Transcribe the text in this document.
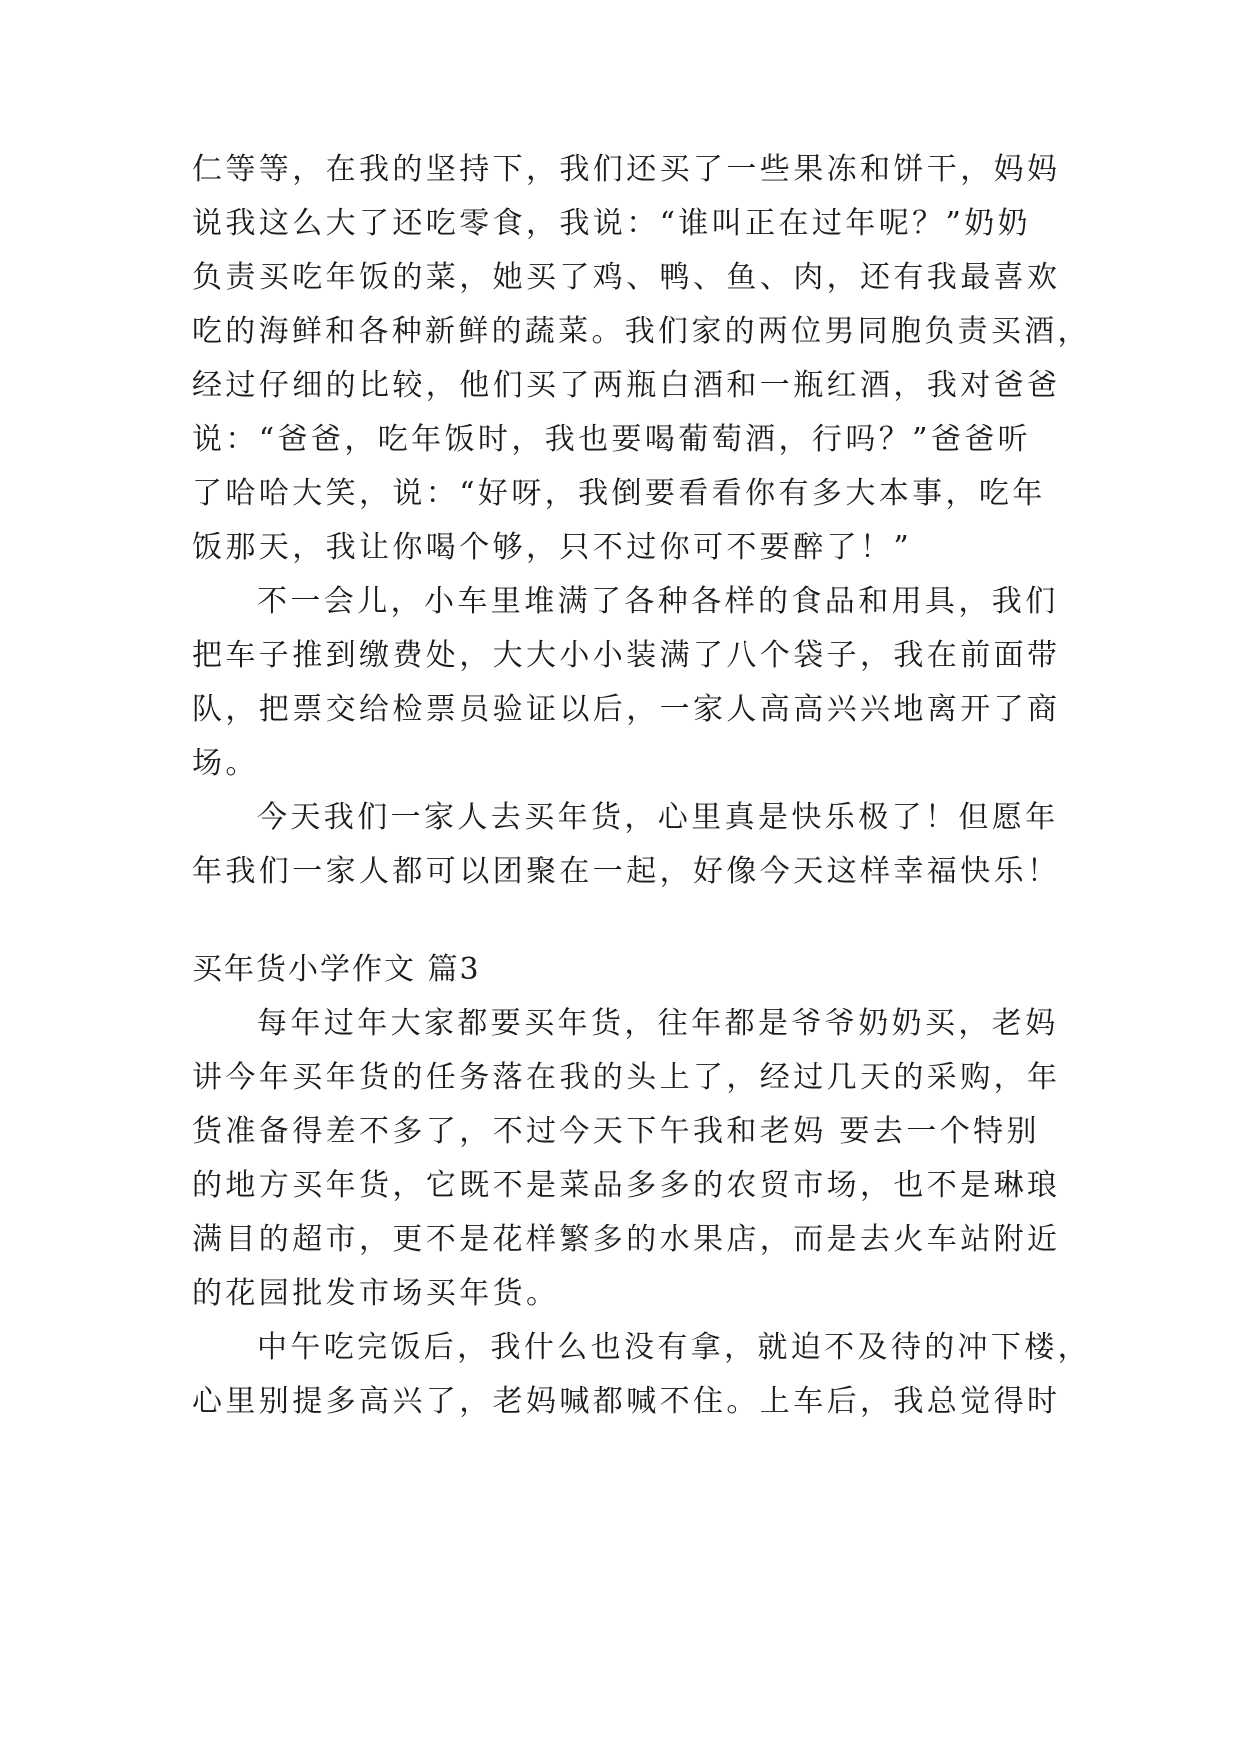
仁等等，在我的坚持下，我们还买了一些果冻和饼干，妈妈

说我这么大了还吃零食，我说：“谁叫正在过年呢？”奶奶

负责买吃年饭的菜，她买了鸡、鸭、鱼、肉，还有我最喜欢

吃的海鲜和各种新鲜的蔬菜。我们家的两位男同胞负责买酒，

经过仔细的比较，他们买了两瓶白酒和一瓶红酒，我对爸爸

说：“爸爸，吃年饭时，我也要喝葡萄酒，行吗？”爸爸听

了哈哈大笑，说：“好呀，我倒要看看你有多大本事，吃年

饭那天，我让你喝个够，只不过你可不要醉了！”

不一会儿，小车里堆满了各种各样的食品和用具，我们

把车子推到缴费处，大大小小装满了八个袋子，我在前面带

队，把票交给检票员验证以后，一家人高高兴兴地离开了商

场。

今天我们一家人去买年货，心里真是快乐极了！但愿年

年我们一家人都可以团聚在一起，好像今天这样幸福快乐！

买年货小学作文 篇3

每年过年大家都要买年货，往年都是爷爷奶奶买，老妈

讲今年买年货的任务落在我的头上了，经过几天的采购，年

货准备得差不多了，不过今天下午我和老妈 要去一个特别

的地方买年货，它既不是菜品多多的农贸市场，也不是琳琅

满目的超市，更不是花样繁多的水果店，而是去火车站附近

的花园批发市场买年货。

中午吃完饭后，我什么也没有拿，就迫不及待的冲下楼，

心里别提多高兴了，老妈喊都喊不住。上车后，我总觉得时
